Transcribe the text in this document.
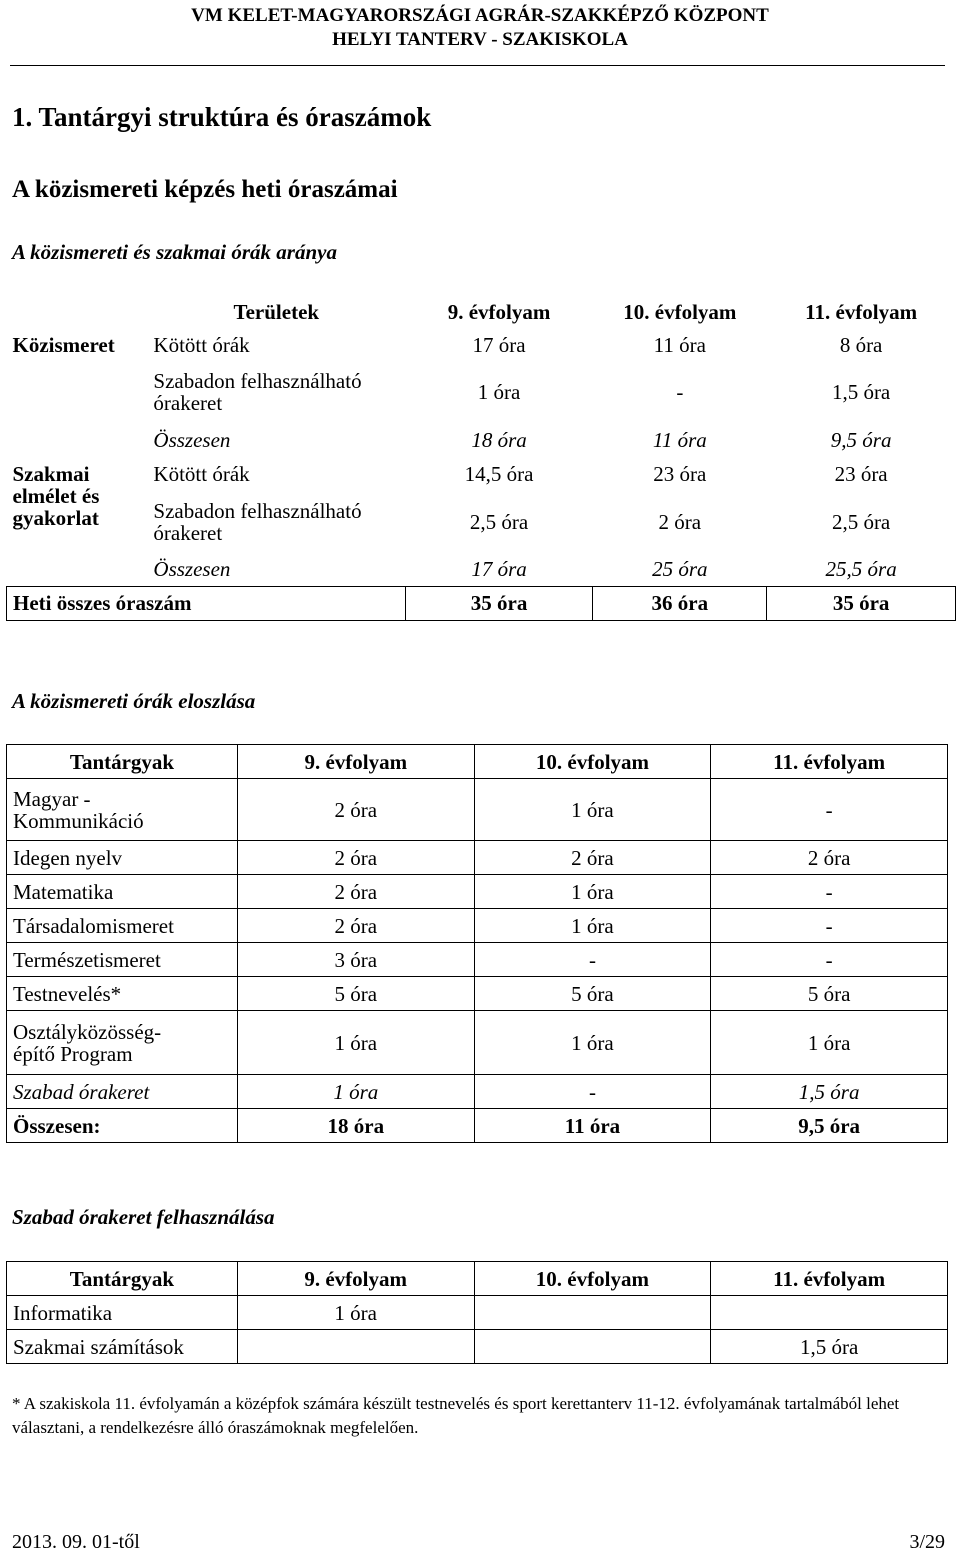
VM KELET-MAGYARORSZÁGI AGRÁR-SZAKKÉPZŐ KÖZPONT
HELYI TANTERV - SZAKISKOLA
1. Tantárgyi struktúra és óraszámok
A közismereti képzés heti óraszámai
A közismereti és szakmai órák aránya
	Területek	9. évfolyam	10. évfolyam	11. évfolyam
Közismeret	Kötött órák	17 óra	11 óra	8 óra
	Szabadon felhasználható órakeret	1 óra	-	1,5 óra
	Összesen	18 óra	11 óra	9,5 óra
Szakmai elmélet és gyakorlat	Kötött órák	14,5 óra	23 óra	23 óra
	Szabadon felhasználható órakeret	2,5 óra	2 óra	2,5 óra
	Összesen	17 óra	25 óra	25,5 óra
Heti összes óraszám		35 óra	36 óra	35 óra
A közismereti órák eloszlása
Tantárgyak	9. évfolyam	10. évfolyam	11. évfolyam
Magyar - Kommunikáció	2 óra	1 óra	-
Idegen nyelv	2 óra	2 óra	2 óra
Matematika	2 óra	1 óra	-
Társadalomismeret	2 óra	1 óra	-
Természetismeret	3 óra	-	-
Testnevelés*	5 óra	5 óra	5 óra
Osztályközösség-építő Program	1 óra	1 óra	1 óra
Szabad órakeret	1 óra	-	1,5 óra
Összesen:	18 óra	11 óra	9,5 óra
Szabad órakeret felhasználása
Tantárgyak	9. évfolyam	10. évfolyam	11. évfolyam
Informatika	1 óra		
Szakmai számítások			1,5 óra
* A szakiskola 11. évfolyamán a középfok számára készült testnevelés és sport kerettanterv 11-12. évfolyamának tartalmából lehet választani, a rendelkezésre álló óraszámoknak megfelelően.
2013. 09. 01-től	3/29
